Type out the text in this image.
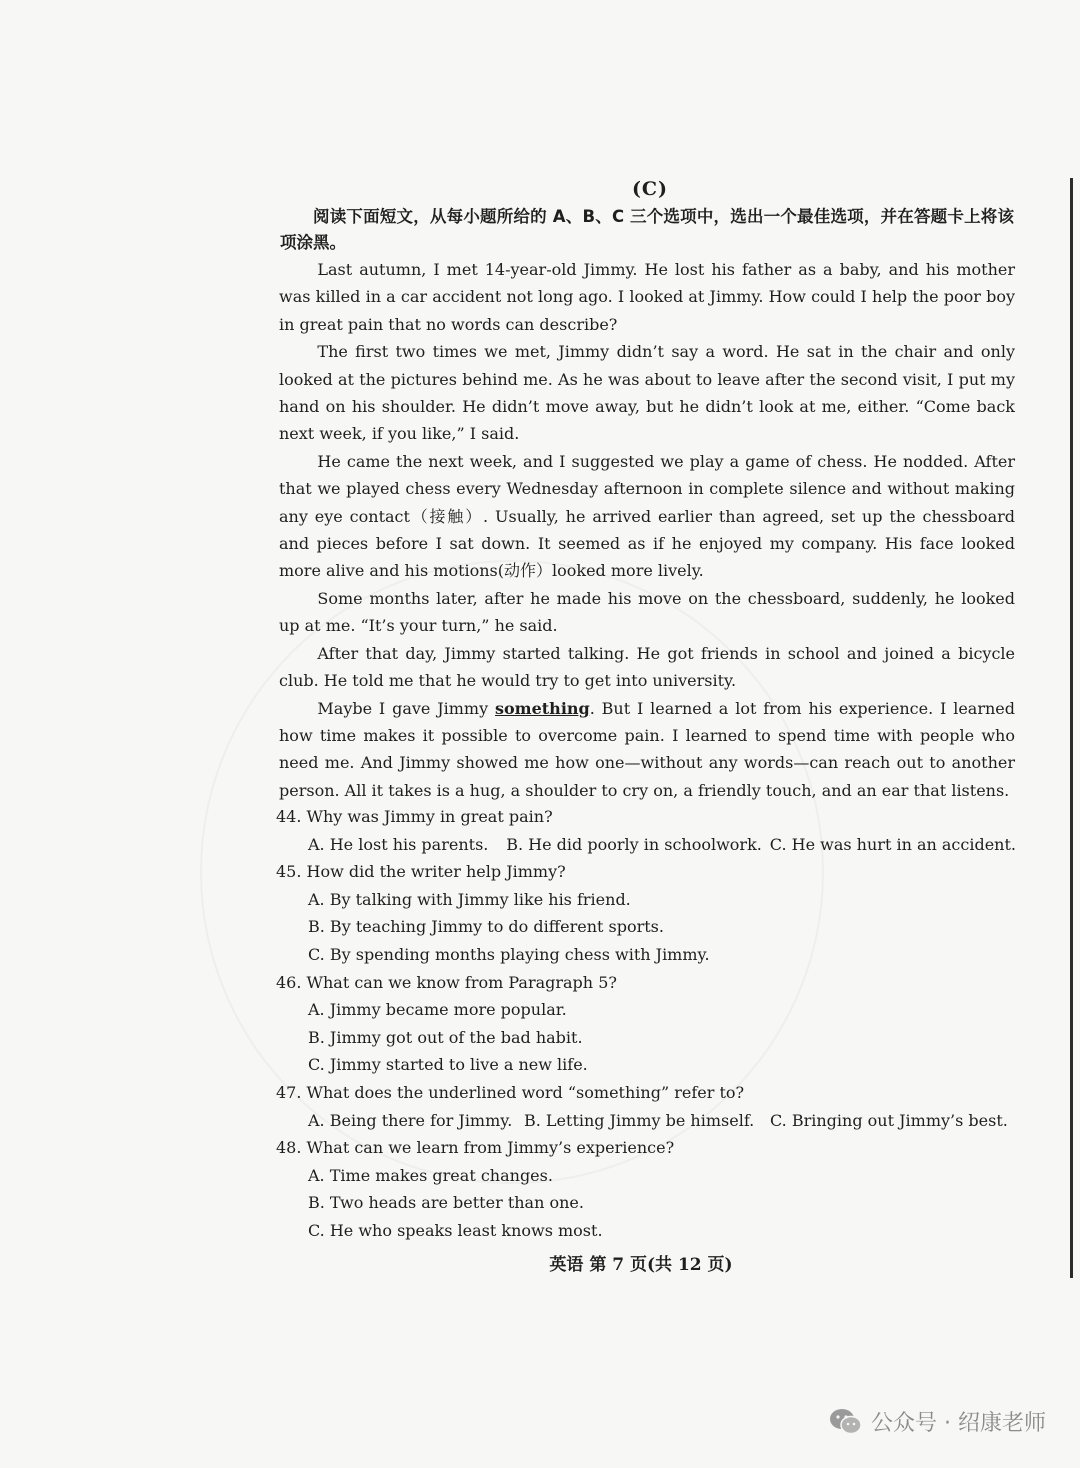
(C)
阅读下面短文，从每小题所给的 A、B、C 三个选项中，选出一个最佳选项，并在答题卡上将该项涂黑。

Last autumn, I met 14-year-old Jimmy. He lost his father as a baby, and his mother was killed in a car accident not long ago. I looked at Jimmy. How could I help the poor boy in great pain that no words can describe?

The first two times we met, Jimmy didn’t say a word. He sat in the chair and only looked at the pictures behind me. As he was about to leave after the second visit, I put my hand on his shoulder. He didn’t move away, but he didn’t look at me, either. “Come back next week, if you like,” I said.

He came the next week, and I suggested we play a game of chess. He nodded. After that we played chess every Wednesday afternoon in complete silence and without making any eye contact（接触）. Usually, he arrived earlier than agreed, set up the chessboard and pieces before I sat down. It seemed as if he enjoyed my company. His face looked more alive and his motions(动作）looked more lively.

Some months later, after he made his move on the chessboard, suddenly, he looked up at me. “It’s your turn,” he said.

After that day, Jimmy started talking. He got friends in school and joined a bicycle club. He told me that he would try to get into university.

Maybe I gave Jimmy something. But I learned a lot from his experience. I learned how time makes it possible to overcome pain. I learned to spend time with people who need me. And Jimmy showed me how one—without any words—can reach out to another person. All it takes is a hug, a shoulder to cry on, a friendly touch, and an ear that listens.

44. Why was Jimmy in great pain?

A. He lost his parents.	B. He did poorly in schoolwork. C. He was hurt in an accident.

45. How did the writer help Jimmy?

A. By talking with Jimmy like his friend.
B. By teaching Jimmy to do different sports.
C. By spending months playing chess with Jimmy.

46. What can we know from Paragraph 5?

A. Jimmy became more popular.
B. Jimmy got out of the bad habit.
C. Jimmy started to live a new life.

47. What does the underlined word “something” refer to?

A. Being there for Jimmy. B. Letting Jimmy be himself. C. Bringing out Jimmy’s best.

48. What can we learn from Jimmy’s experience?

A. Time makes great changes.
B. Two heads are better than one.
C. He who speaks least knows most.
英语 第 7 页(共 12 页)
公众号 · 绍康老师
